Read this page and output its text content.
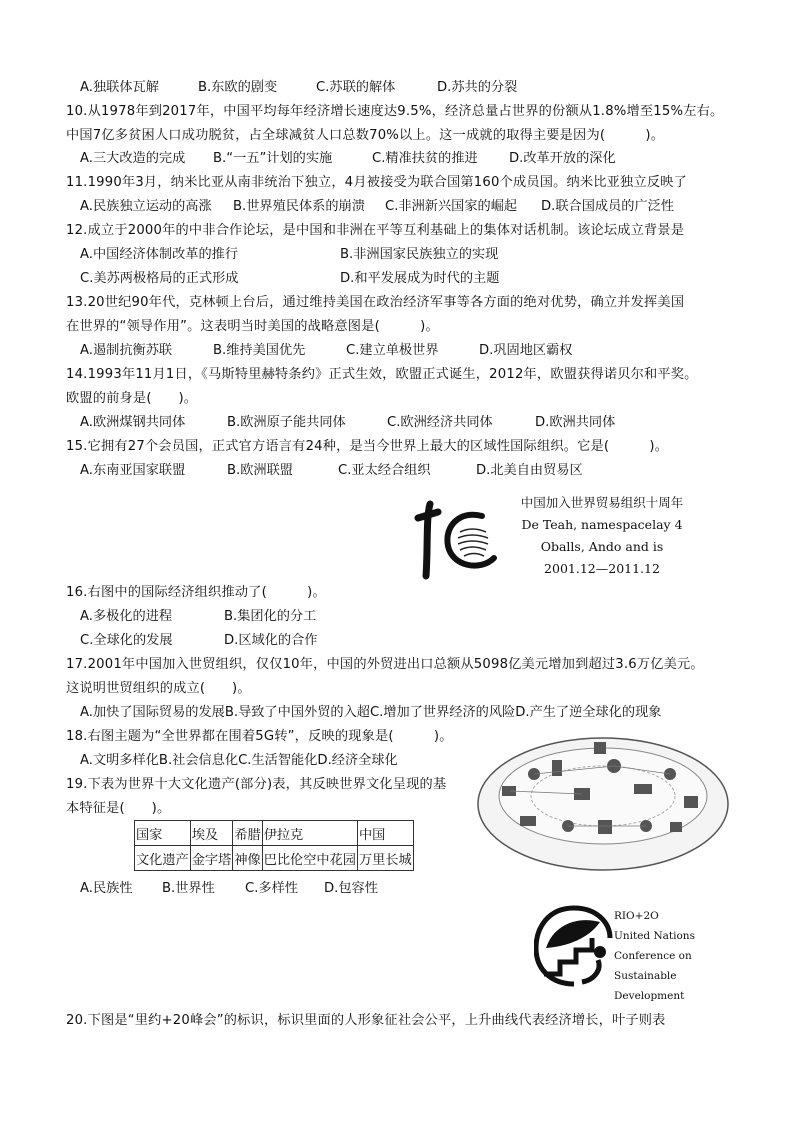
A.独联体瓦解	B.东欧的剧变	C.苏联的解体	D.苏共的分裂
10.从1978年到2017年，中国平均每年经济增长速度达9.5%，经济总量占世界的份额从1.8%增至15%左右。
中国7亿多贫困人口成功脱贫，占全球减贫人口总数70%以上。这一成就的取得主要是因为(　　　)。
A.三大改造的完成 B.“一五”计划的实施	C.精准扶贫的推进 D.改革开放的深化
11.1990年3月，纳米比亚从南非统治下独立，4月被接受为联合国第160个成员国。纳米比亚独立反映了
A.民族独立运动的高涨 B.世界殖民体系的崩溃 C.非洲新兴国家的崛起 D.联合国成员的广泛性
12.成立于2000年的中非合作论坛，是中国和非洲在平等互利基础上的集体对话机制。该论坛成立背景是
A.中国经济体制改革的推行	B.非洲国家民族独立的实现
C.美苏两极格局的正式形成	D.和平发展成为时代的主题
13.20世纪90年代，克林顿上台后，通过维持美国在政治经济军事等各方面的绝对优势，确立并发挥美国
在世界的“领导作用”。这表明当时美国的战略意图是(　　　)。
A.遏制抗衡苏联	B.维持美国优先	C.建立单极世界	D.巩固地区霸权
14.1993年11月1日，《马斯特里赫特条约》正式生效，欧盟正式诞生，2012年，欧盟获得诺贝尔和平奖。
欧盟的前身是(　　)。
A.欧洲煤钢共同体	B.欧洲原子能共同体	C.欧洲经济共同体	D.欧洲共同体
15.它拥有27个会员国，正式官方语言有24种，是当今世界上最大的区域性国际组织。它是(　　　)。
A.东南亚国家联盟	B.欧洲联盟	C.亚太经合组织	D.北美自由贸易区
中国加入世界贸易组织十周年
De Teah, namespacelay 4
Oballs, Ando and is
2001.12—2011.12
16.右图中的国际经济组织推动了(　　　)。
A.多极化的进程	B.集团化的分工
C.全球化的发展	D.区域化的合作
17.2001年中国加入世贸组织，仅仅10年，中国的外贸进出口总额从5098亿美元增加到超过3.6万亿美元。
这说明世贸组织的成立(　　)。
A.加快了国际贸易的发展B.导致了中国外贸的入超C.增加了世界经济的风险D.产生了逆全球化的现象
18.右图主题为“全世界都在围着5G转”，反映的现象是(　　　)。
A.文明多样化B.社会信息化C.生活智能化D.经济全球化
19.下表为世界十大文化遗产(部分)表，其反映世界文化呈现的基
本特征是(　　)。
国家	埃及	希腊	伊拉克	中国
文化遗产	金字塔	神像	巴比伦空中花园	万里长城
A.民族性 B.世界性 C.多样性 D.包容性
RIO+2O
United Nations
Conference on
Sustainable
Development
20.下图是“里约+20峰会”的标识，标识里面的人形象征社会公平，上升曲线代表经济增长，叶子则表
